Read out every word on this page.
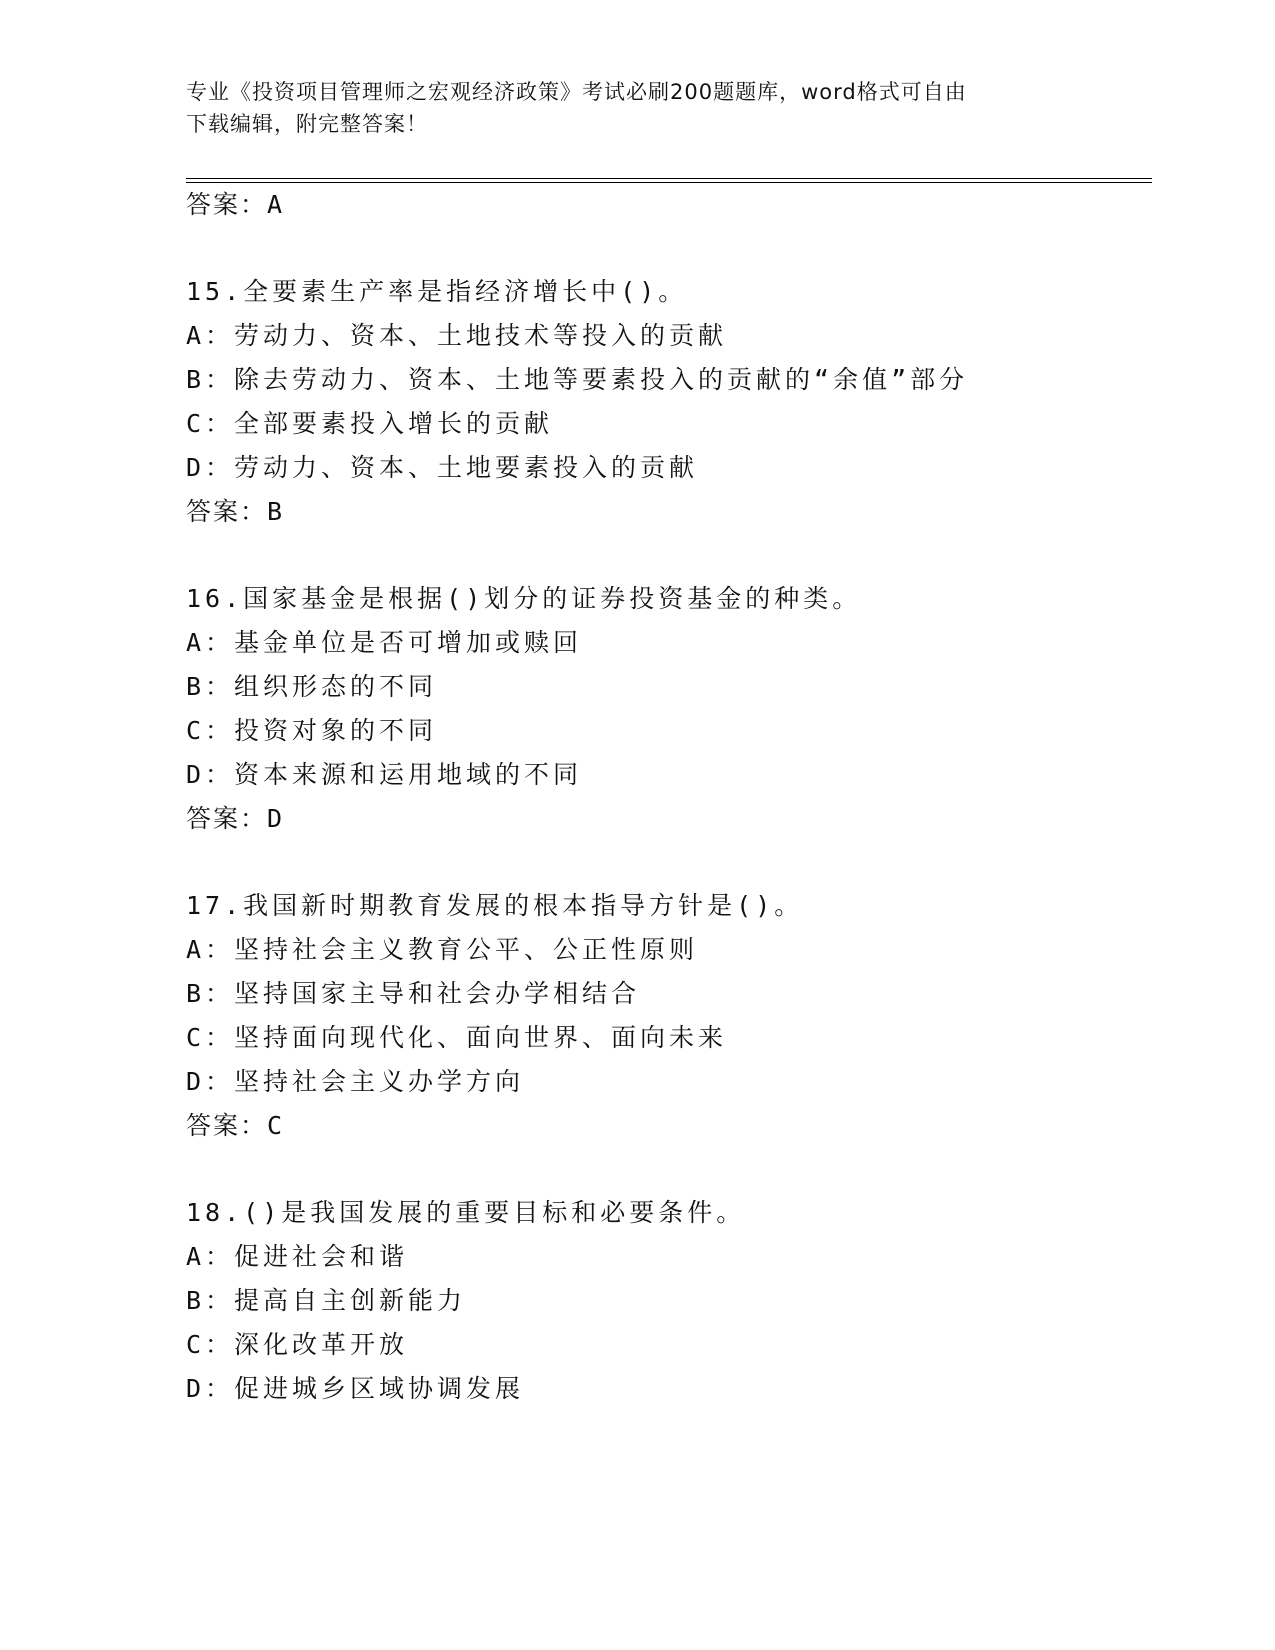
专业《投资项目管理师之宏观经济政策》考试必刷200题题库，word格式可自由
下载编辑，附完整答案！
答案：A
15.全要素生产率是指经济增长中()。
A：劳动力、资本、土地技术等投入的贡献
B：除去劳动力、资本、土地等要素投入的贡献的“余值”部分
C：全部要素投入增长的贡献
D：劳动力、资本、土地要素投入的贡献
答案：B
16.国家基金是根据()划分的证券投资基金的种类。
A：基金单位是否可增加或赎回
B：组织形态的不同
C：投资对象的不同
D：资本来源和运用地域的不同
答案：D
17.我国新时期教育发展的根本指导方针是()。
A：坚持社会主义教育公平、公正性原则
B：坚持国家主导和社会办学相结合
C：坚持面向现代化、面向世界、面向未来
D：坚持社会主义办学方向
答案：C
18.()是我国发展的重要目标和必要条件。
A：促进社会和谐
B：提高自主创新能力
C：深化改革开放
D：促进城乡区域协调发展
